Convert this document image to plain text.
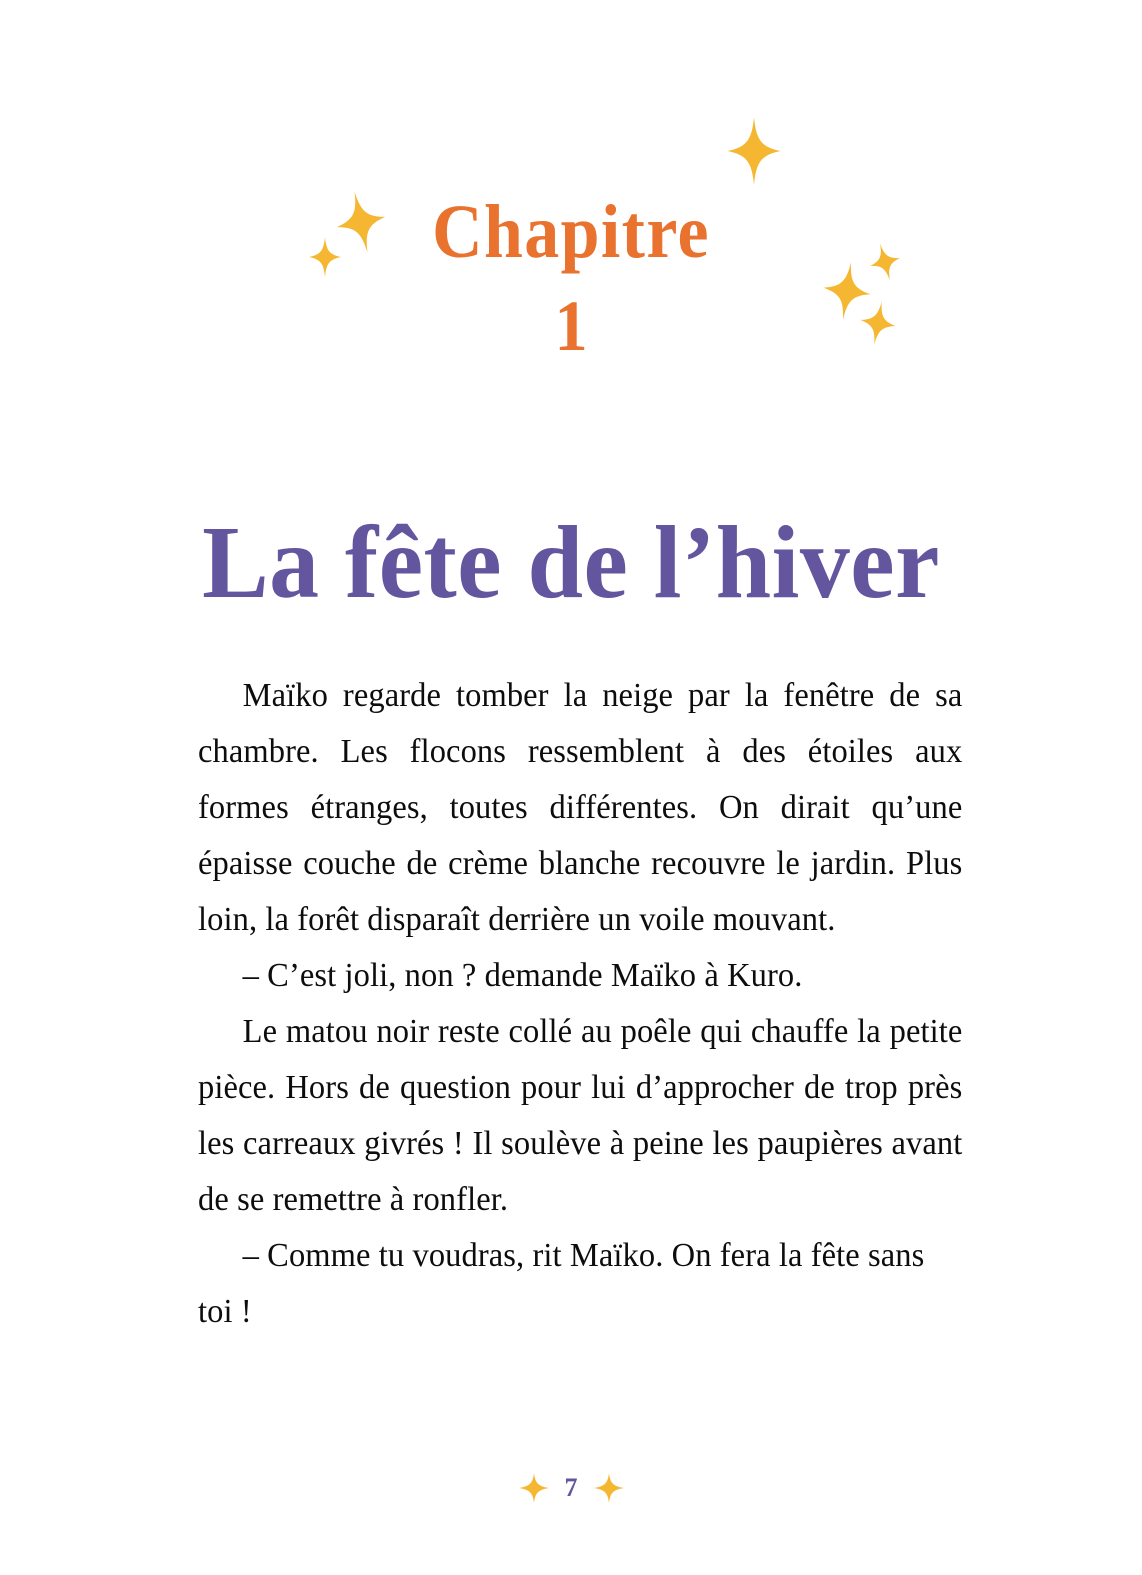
Chapitre
1
La fête de l’hiver

Maïko regarde tomber la neige par la fenêtre de sa chambre. Les flocons ressemblent à des étoiles aux formes étranges, toutes différentes. On dirait qu’une épaisse couche de crème blanche recouvre le jardin. Plus loin, la forêt disparaît derrière un voile mouvant.

– C’est joli, non ? demande Maïko à Kuro.

Le matou noir reste collé au poêle qui chauffe la petite pièce. Hors de question pour lui d’approcher de trop près les carreaux givrés ! Il soulève à peine les paupières avant de se remettre à ronfler.

– Comme tu voudras, rit Maïko. On fera la fête sans toi !

7
